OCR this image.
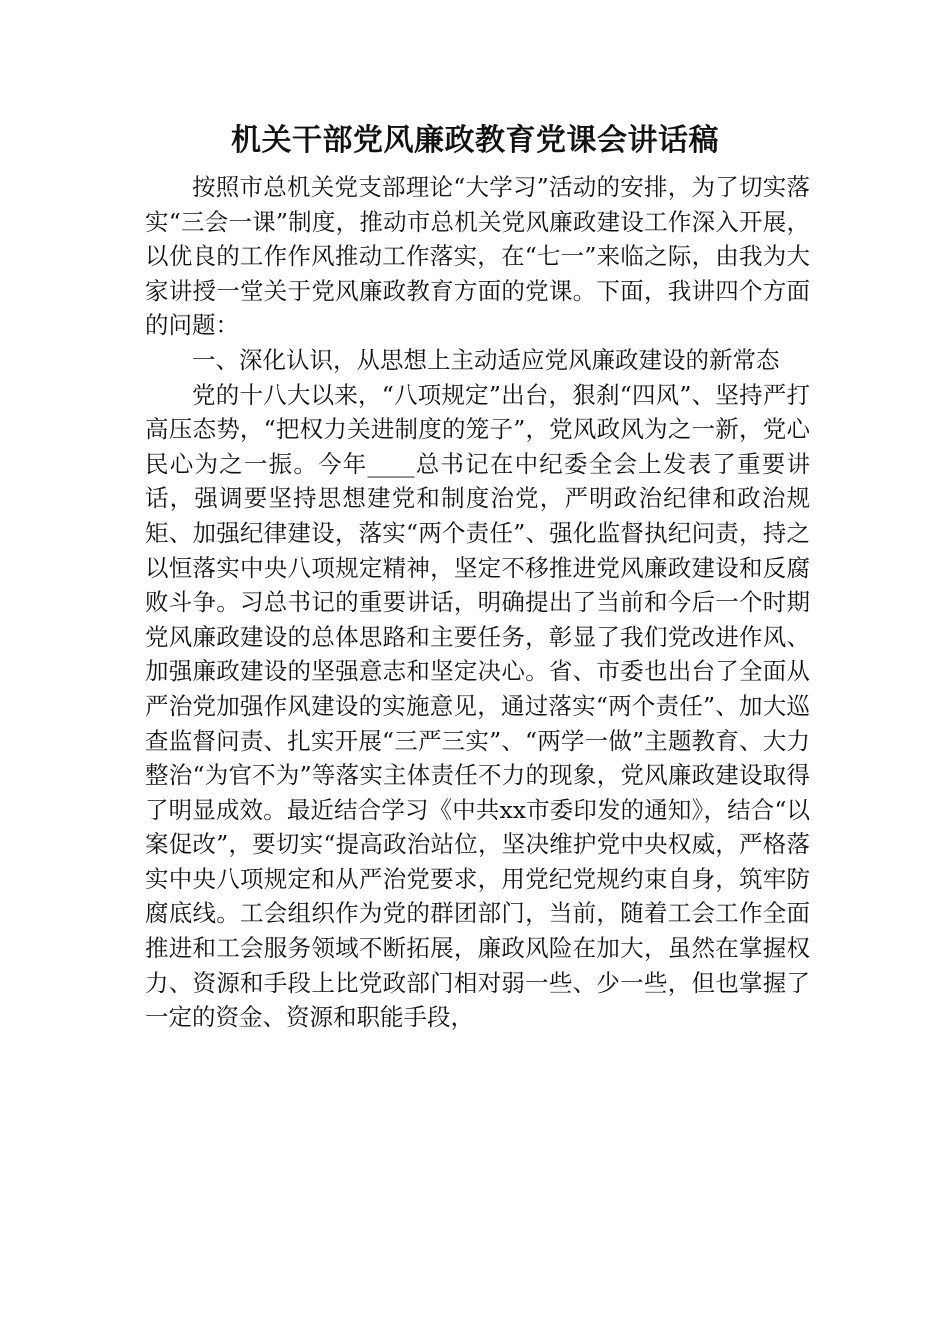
机关干部党风廉政教育党课会讲话稿

按照市总机关党支部理论“大学习”活动的安排，为了切实落实“三会一课”制度，推动市总机关党风廉政建设工作深入开展，以优良的工作作风推动工作落实，在“七一”来临之际，由我为大家讲授一堂关于党风廉政教育方面的党课。下面，我讲四个方面的问题：

一、深化认识，从思想上主动适应党风廉政建设的新常态

党的十八大以来，“八项规定”出台，狠刹“四风”、坚持严打高压态势，“把权力关进制度的笼子”，党风政风为之一新，党心民心为之一振。今年____总书记在中纪委全会上发表了重要讲话，强调要坚持思想建党和制度治党，严明政治纪律和政治规矩、加强纪律建设，落实“两个责任”、强化监督执纪问责，持之以恒落实中央八项规定精神，坚定不移推进党风廉政建设和反腐败斗争。习总书记的重要讲话，明确提出了当前和今后一个时期党风廉政建设的总体思路和主要任务，彰显了我们党改进作风、加强廉政建设的坚强意志和坚定决心。省、市委也出台了全面从严治党加强作风建设的实施意见，通过落实“两个责任”、加大巡查监督问责、扎实开展“三严三实”、“两学一做”主题教育、大力整治“为官不为”等落实主体责任不力的现象，党风廉政建设取得了明显成效。最近结合学习《中共xx市委印发的通知》，结合“以案促改”，要切实“提高政治站位，坚决维护党中央权威，严格落实中央八项规定和从严治党要求，用党纪党规约束自身，筑牢防腐底线。工会组织作为党的群团部门，当前，随着工会工作全面推进和工会服务领域不断拓展，廉政风险在加大，虽然在掌握权力、资源和手段上比党政部门相对弱一些、少一些，但也掌握了一定的资金、资源和职能手段，
